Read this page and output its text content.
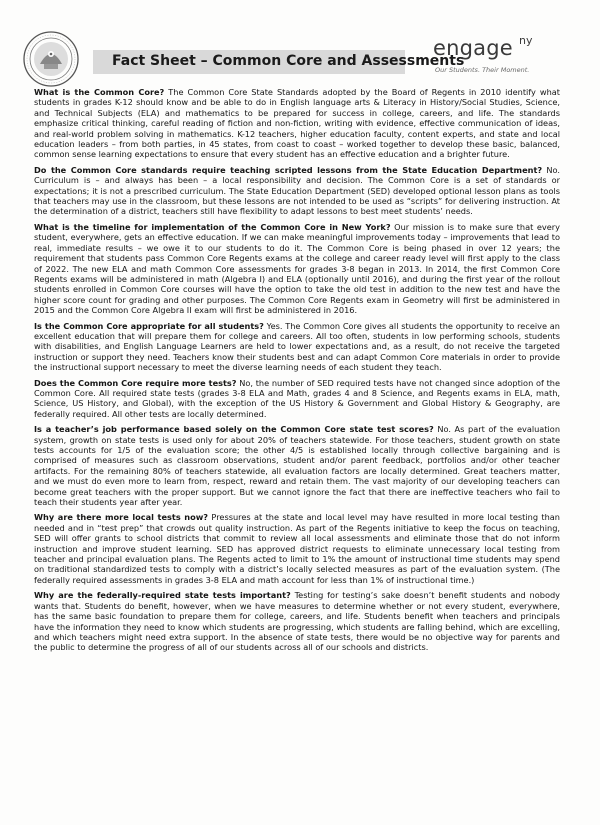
Fact Sheet – Common Core and Assessments
engage ny
Our Students. Their Moment.

What is the Common Core? The Common Core State Standards adopted by the Board of Regents in 2010 identify what students in grades K-12 should know and be able to do in English language arts & Literacy in History/Social Studies, Science, and Technical Subjects (ELA) and mathematics to be prepared for success in college, careers, and life. The standards emphasize critical thinking, careful reading of fiction and non-fiction, writing with evidence, effective communication of ideas, and real-world problem solving in mathematics. K-12 teachers, higher education faculty, content experts, and state and local education leaders – from both parties, in 45 states, from coast to coast – worked together to develop these basic, balanced, common sense learning expectations to ensure that every student has an effective education and a brighter future.

Do the Common Core standards require teaching scripted lessons from the State Education Department? No. Curriculum is – and always has been – a local responsibility and decision. The Common Core is a set of standards or expectations; it is not a prescribed curriculum. The State Education Department (SED) developed optional lesson plans as tools that teachers may use in the classroom, but these lessons are not intended to be used as “scripts” for delivering instruction. At the determination of a district, teachers still have flexibility to adapt lessons to best meet students’ needs.

What is the timeline for implementation of the Common Core in New York? Our mission is to make sure that every student, everywhere, gets an effective education. If we can make meaningful improvements today – improvements that lead to real, immediate results – we owe it to our students to do it. The Common Core is being phased in over 12 years; the requirement that students pass Common Core Regents exams at the college and career ready level will first apply to the class of 2022. The new ELA and math Common Core assessments for grades 3-8 began in 2013. In 2014, the first Common Core Regents exams will be administered in math (Algebra I) and ELA (optionally until 2016), and during the first year of the rollout students enrolled in Common Core courses will have the option to take the old test in addition to the new test and have the higher score count for grading and other purposes. The Common Core Regents exam in Geometry will first be administered in 2015 and the Common Core Algebra II exam will first be administered in 2016.

Is the Common Core appropriate for all students? Yes. The Common Core gives all students the opportunity to receive an excellent education that will prepare them for college and careers. All too often, students in low performing schools, students with disabilities, and English Language Learners are held to lower expectations and, as a result, do not receive the targeted instruction or support they need. Teachers know their students best and can adapt Common Core materials in order to provide the instructional support necessary to meet the diverse learning needs of each student they teach.

Does the Common Core require more tests? No, the number of SED required tests have not changed since adoption of the Common Core. All required state tests (grades 3-8 ELA and Math, grades 4 and 8 Science, and Regents exams in ELA, math, Science, US History, and Global), with the exception of the US History & Government and Global History & Geography, are federally required. All other tests are locally determined.

Is a teacher’s job performance based solely on the Common Core state test scores? No. As part of the evaluation system, growth on state tests is used only for about 20% of teachers statewide. For those teachers, student growth on state tests accounts for 1/5 of the evaluation score; the other 4/5 is established locally through collective bargaining and is comprised of measures such as classroom observations, student and/or parent feedback, portfolios and/or other teacher artifacts. For the remaining 80% of teachers statewide, all evaluation factors are locally determined. Great teachers matter, and we must do even more to learn from, respect, reward and retain them. The vast majority of our developing teachers can become great teachers with the proper support. But we cannot ignore the fact that there are ineffective teachers who fail to teach their students year after year.

Why are there more local tests now? Pressures at the state and local level may have resulted in more local testing than needed and in “test prep” that crowds out quality instruction. As part of the Regents initiative to keep the focus on teaching, SED will offer grants to school districts that commit to review all local assessments and eliminate those that do not inform instruction and improve student learning. SED has approved district requests to eliminate unnecessary local testing from teacher and principal evaluation plans. The Regents acted to limit to 1% the amount of instructional time students may spend on traditional standardized tests to comply with a district’s locally selected measures as part of the evaluation system. (The federally required assessments in grades 3-8 ELA and math account for less than 1% of instructional time.)

Why are the federally-required state tests important? Testing for testing’s sake doesn’t benefit students and nobody wants that. Students do benefit, however, when we have measures to determine whether or not every student, everywhere, has the same basic foundation to prepare them for college, careers, and life. Students benefit when teachers and principals have the information they need to know which students are progressing, which students are falling behind, which are excelling, and which teachers might need extra support. In the absence of state tests, there would be no objective way for parents and the public to determine the progress of all of our students across all of our schools and districts.
